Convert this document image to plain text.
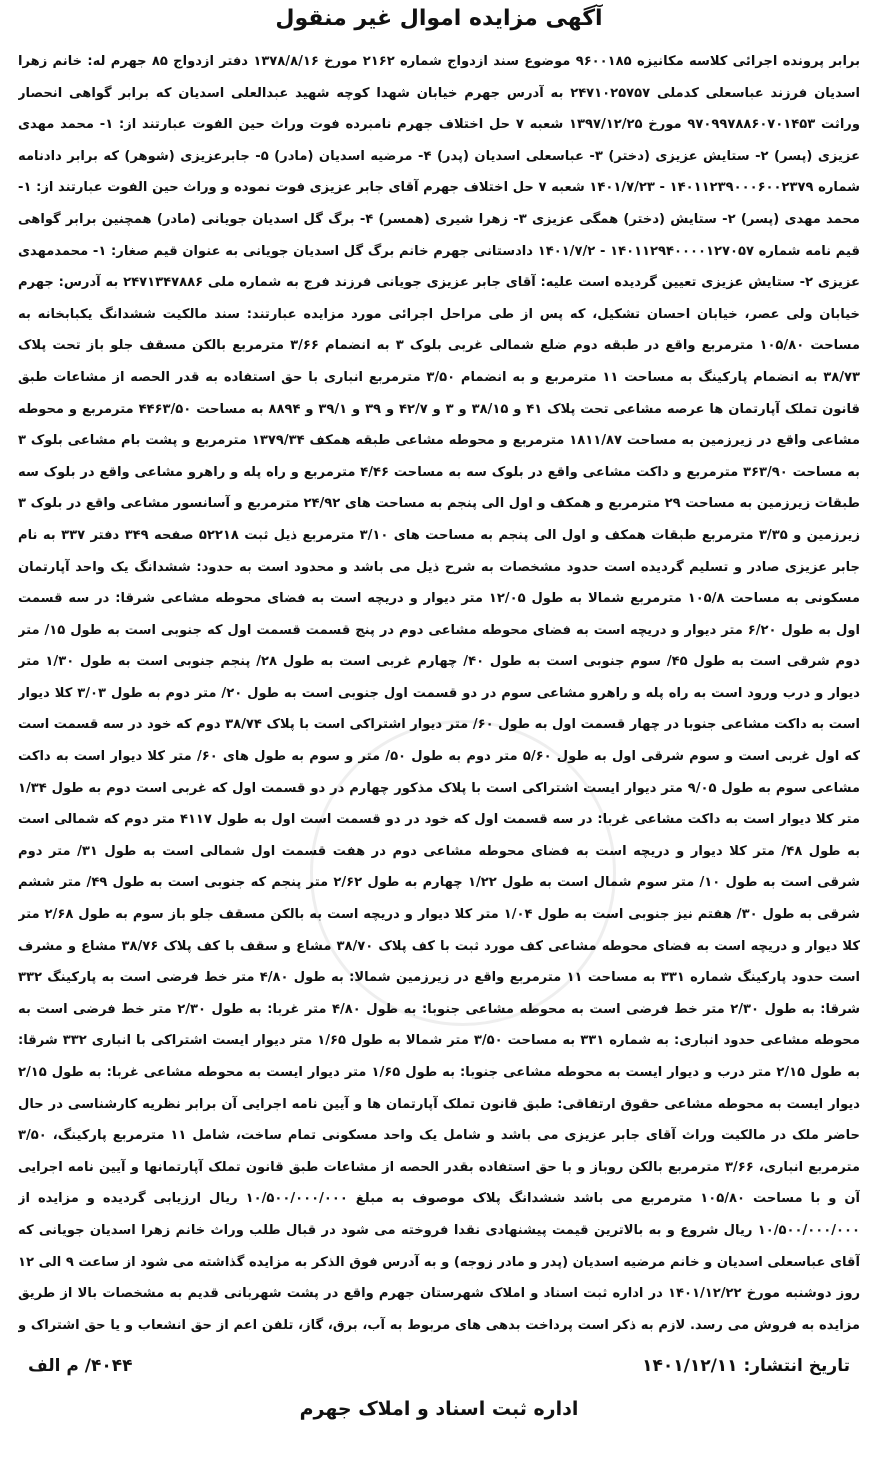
آگهی مزایده اموال غیر منقول
برابر پرونده اجرائی کلاسه مکانیزه ۹۶۰۰۱۸۵ موضوع سند ازدواج شماره ۲۱۶۲ مورخ ۱۳۷۸/۸/۱۶ دفتر ازدواج ۸۵ جهرم له: خانم زهرا اسدیان فرزند عباسعلی کدملی ۲۴۷۱۰۲۵۷۵۷ به آدرس جهرم خیابان شهدا کوچه شهید عبدالعلی اسدیان که برابر گواهی انحصار وراثت ۹۷۰۹۹۷۸۸۶۰۷۰۱۴۵۳ مورخ ۱۳۹۷/۱۲/۲۵ شعبه ۷ حل اختلاف جهرم نامبرده فوت وراث حین الفوت عبارتند از: ۱- محمد مهدی عزیزی (پسر) ۲- ستایش عزیزی (دختر) ۳- عباسعلی اسدیان (پدر) ۴- مرضیه اسدیان (مادر) ۵- جابرعزیزی (شوهر) که برابر دادنامه شماره ۱۴۰۱۱۲۳۹۰۰۰۶۰۰۲۳۷۹ - ۱۴۰۱/۷/۲۳ شعبه ۷ حل اختلاف جهرم آقای جابر عزیزی فوت نموده و وراث حین الفوت عبارتند از: ۱- محمد مهدی (پسر) ۲- ستایش (دختر) همگی عزیزی ۳- زهرا شیری (همسر) ۴- برگ گل اسدیان جویانی (مادر) همچنین برابر گواهی قیم نامه شماره ۱۴۰۱۱۲۹۴۰۰۰۰۱۲۷۰۵۷ - ۱۴۰۱/۷/۲ دادستانی جهرم خانم برگ گل اسدیان جویانی به عنوان قیم صغار: ۱- محمدمهدی عزیزی ۲- ستایش عزیزی تعیین گردیده است علیه: آقای جابر عزیزی جویانی فرزند فرج به شماره ملی ۲۴۷۱۳۴۷۸۸۶ به آدرس: جهرم خیابان ولی عصر، خیابان احسان تشکیل، که پس از طی مراحل اجرائی مورد مزایده عبارتند: سند مالکیت ششدانگ یکبابخانه به مساحت ۱۰۵/۸۰ مترمربع واقع در طبقه دوم ضلع شمالی غربی بلوک ۳ به انضمام ۳/۶۶ مترمربع بالکن مسقف جلو باز تحت پلاک ۳۸/۷۳ به انضمام پارکینگ به مساحت ۱۱ مترمربع و به انضمام ۳/۵۰ مترمربع انباری با حق استفاده به قدر الحصه از مشاعات طبق قانون تملک آپارتمان ها عرصه مشاعی تحت پلاک ۴۱ و ۳۸/۱۵ و ۳ و ۴۲/۷ و ۳۹ و ۳۹/۱ و ۸۸۹۴ به مساحت ۴۴۶۳/۵۰ مترمربع و محوطه مشاعی واقع در زیرزمین به مساحت ۱۸۱۱/۸۷ مترمربع و محوطه مشاعی طبقه همکف ۱۳۷۹/۳۴ مترمربع و پشت بام مشاعی بلوک ۳ به مساحت ۳۶۳/۹۰ مترمربع و داکت مشاعی واقع در بلوک سه به مساحت ۴/۴۶ مترمربع و راه پله و راهرو مشاعی واقع در بلوک سه طبقات زیرزمین به مساحت ۲۹ مترمربع و همکف و اول الی پنجم به مساحت های ۲۴/۹۲ مترمربع و آسانسور مشاعی واقع در بلوک ۳ زیرزمین و ۳/۳۵ مترمربع طبقات همکف و اول الی پنجم به مساحت های ۳/۱۰ مترمربع ذیل ثبت ۵۲۲۱۸ صفحه ۳۴۹ دفتر ۳۳۷ به نام جابر عزیزی صادر و تسلیم گردیده است حدود مشخصات به شرح ذیل می باشد و محدود است به حدود: ششدانگ یک واحد آپارتمان مسکونی به مساحت ۱۰۵/۸ مترمربع شمالا به طول ۱۲/۰۵ متر دیوار و دریچه است به فضای محوطه مشاعی شرقا: در سه قسمت اول به طول ۶/۲۰ متر دیوار و دریچه است به فضای محوطه مشاعی دوم در پنج قسمت قسمت اول که جنوبی است به طول ۱۵/ متر دوم شرقی است به طول ۴۵/ سوم جنوبی است به طول ۴۰/ چهارم غربی است به طول ۲۸/ پنجم جنوبی است به طول ۱/۳۰ متر دیوار و درب ورود است به راه پله و راهرو مشاعی سوم در دو قسمت اول جنوبی است به طول ۲۰/ متر دوم به طول ۳/۰۳ کلا دیوار است به داکت مشاعی جنوبا در چهار قسمت اول به طول ۶۰/ متر دیوار اشتراکی است با پلاک ۳۸/۷۴ دوم که خود در سه قسمت است که اول غربی است و سوم شرقی اول به طول ۵/۶۰ متر دوم به طول ۵۰/ متر و سوم به طول های ۶۰/ متر کلا دیوار است به داکت مشاعی سوم به طول ۹/۰۵ متر دیوار ایست اشتراکی است با پلاک مذکور چهارم در دو قسمت اول که غربی است دوم به طول ۱/۳۴ متر کلا دیوار است به داکت مشاعی غربا: در سه قسمت اول که خود در دو قسمت است اول به طول ۴۱۱۷ متر دوم که شمالی است به طول ۴۸/ متر کلا دیوار و دریچه است به فضای محوطه مشاعی دوم در هفت قسمت اول شمالی است به طول ۳۱/ متر دوم شرقی است به طول ۱۰/ متر سوم شمال است به طول ۱/۲۲ چهارم به طول ۲/۶۲ متر پنجم که جنوبی است به طول ۴۹/ متر ششم شرقی به طول ۳۰/ هفتم نیز جنوبی است به طول ۱/۰۴ متر کلا دیوار و دریچه است به بالکن مسقف جلو باز سوم به طول ۲/۶۸ متر کلا دیوار و دریچه است به فضای محوطه مشاعی کف مورد ثبت با کف پلاک ۳۸/۷۰ مشاع و سقف با کف پلاک ۳۸/۷۶ مشاع و مشرف است حدود پارکینگ شماره ۳۳۱ به مساحت ۱۱ مترمربع واقع در زیرزمین شمالا: به طول ۴/۸۰ متر خط فرضی است به پارکینگ ۳۳۲ شرقا: به طول ۲/۳۰ متر خط فرضی است به محوطه مشاعی جنوبا: به طول ۴/۸۰ متر غربا: به طول ۲/۳۰ متر خط فرضی است به محوطه مشاعی حدود انباری: به شماره ۳۳۱ به مساحت ۳/۵۰ متر شمالا به طول ۱/۶۵ متر دیوار ایست اشتراکی با انباری ۳۳۲ شرقا: به طول ۲/۱۵ متر درب و دیوار ایست به محوطه مشاعی جنوبا: به طول ۱/۶۵ متر دیوار ایست به محوطه مشاعی غربا: به طول ۲/۱۵ دیوار ایست به محوطه مشاعی حقوق ارتفاقی: طبق قانون تملک آپارتمان ها و آیین نامه اجرایی آن برابر نظریه کارشناسی در حال حاضر ملک در مالکیت وراث آقای جابر عزیزی می باشد و شامل یک واحد مسکونی تمام ساخت، شامل ۱۱ مترمربع پارکینگ، ۳/۵۰ مترمربع انباری، ۳/۶۶ مترمربع بالکن روباز و با حق استفاده بقدر الحصه از مشاعات طبق قانون تملک آپارتمانها و آیین نامه اجرایی آن و با مساحت ۱۰۵/۸۰ مترمربع می باشد ششدانگ پلاک موصوف به مبلغ ۱۰/۵۰۰/۰۰۰/۰۰۰ ریال ارزیابی گردیده و مزایده از ۱۰/۵۰۰/۰۰۰/۰۰۰ ریال شروع و به بالاترین قیمت پیشنهادی نقدا فروخته می شود در قبال طلب وراث خانم زهرا اسدیان جویانی که آقای عباسعلی اسدیان و خانم مرضیه اسدیان (پدر و مادر زوجه) و به آدرس فوق الذکر به مزایده گذاشته می شود از ساعت ۹ الی ۱۲ روز دوشنبه مورخ ۱۴۰۱/۱۲/۲۲ در اداره ثبت اسناد و املاک شهرستان جهرم واقع در پشت شهربانی قدیم به مشخصات بالا از طریق مزایده به فروش می رسد. لازم به ذکر است پرداخت بدهی های مربوط به آب، برق، گاز، تلفن اعم از حق انشعاب و یا حق اشتراک و
تاریخ انتشار: ۱۴۰۱/۱۲/۱۱
۴۰۴۴/ م الف
اداره ثبت اسناد و املاک جهرم
